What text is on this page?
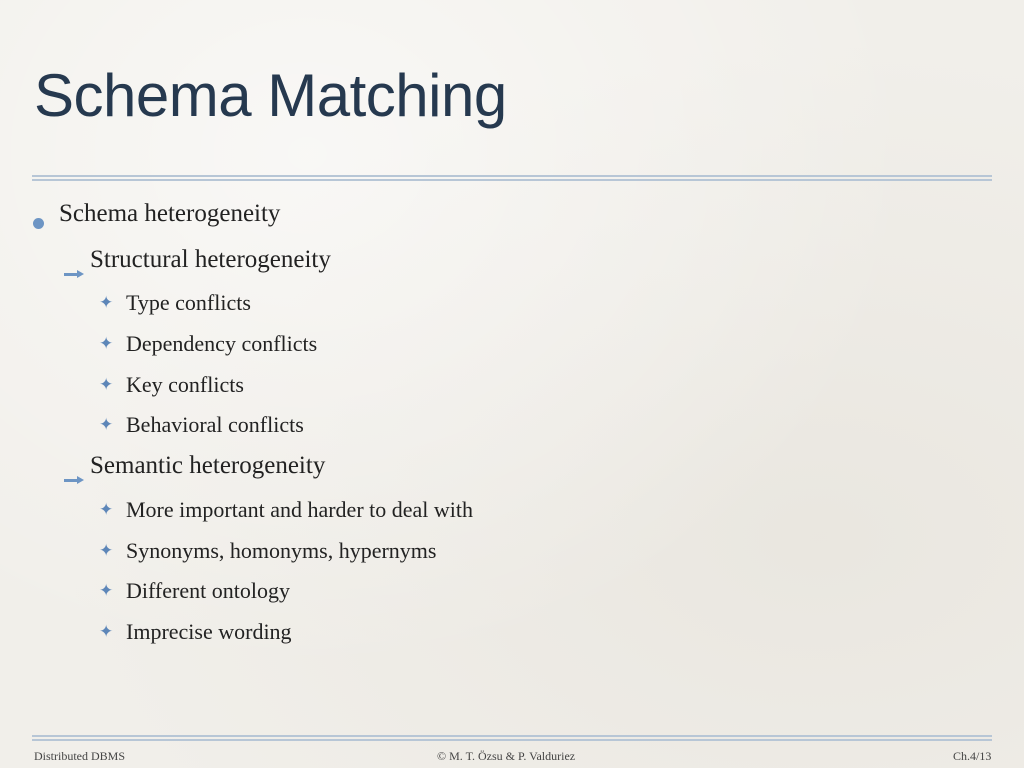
Schema Matching
Schema heterogeneity
Structural heterogeneity
✦ Type conflicts
✦ Dependency conflicts
✦ Key conflicts
✦ Behavioral conflicts
Semantic heterogeneity
✦ More important and harder to deal with
✦ Synonyms, homonyms, hypernyms
✦ Different ontology
✦ Imprecise wording
Distributed DBMS	© M. T. Özsu & P. Valduriez	Ch.4/13
